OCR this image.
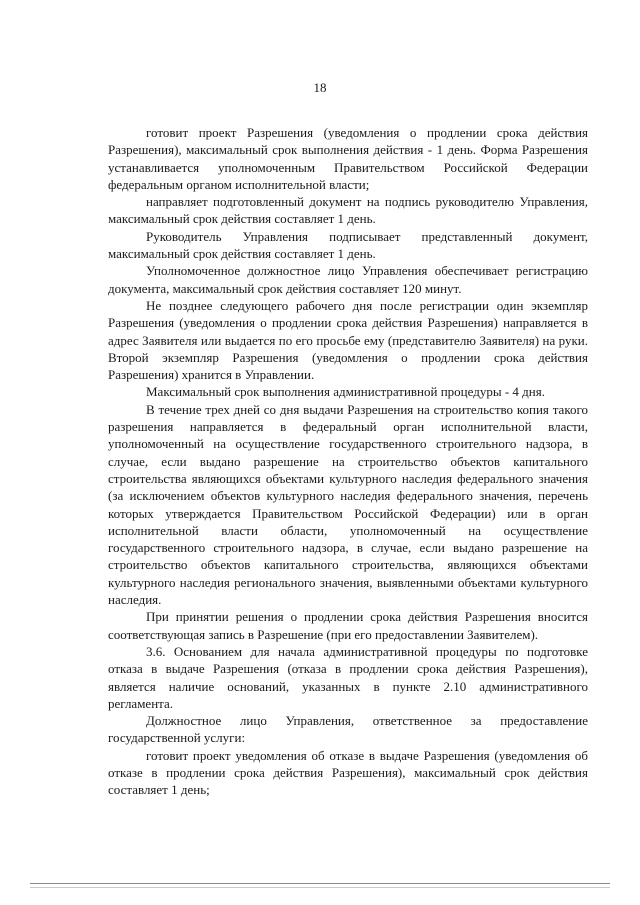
18

готовит проект Разрешения (уведомления о продлении срока действия Разрешения), максимальный срок выполнения действия - 1 день. Форма Разрешения устанавливается уполномоченным Правительством Российской Федерации федеральным органом исполнительной власти;

направляет подготовленный документ на подпись руководителю Управления, максимальный срок действия составляет 1 день.

Руководитель Управления подписывает представленный документ, максимальный срок действия составляет 1 день.

Уполномоченное должностное лицо Управления обеспечивает регистрацию документа, максимальный срок действия составляет 120 минут.

Не позднее следующего рабочего дня после регистрации один экземпляр Разрешения (уведомления о продлении срока действия Разрешения) направляется в адрес Заявителя или выдается по его просьбе ему (представителю Заявителя) на руки. Второй экземпляр Разрешения (уведомления о продлении срока действия Разрешения) хранится в Управлении.

Максимальный срок выполнения административной процедуры - 4 дня.

В течение трех дней со дня выдачи Разрешения на строительство копия такого разрешения направляется в федеральный орган исполнительной власти, уполномоченный на осуществление государственного строительного надзора, в случае, если выдано разрешение на строительство объектов капитального строительства являющихся объектами культурного наследия федерального значения (за исключением объектов культурного наследия федерального значения, перечень которых утверждается Правительством Российской Федерации) или в орган исполнительной власти области, уполномоченный на осуществление государственного строительного надзора, в случае, если выдано разрешение на строительство объектов капитального строительства, являющихся объектами культурного наследия регионального значения, выявленными объектами культурного наследия.

При принятии решения о продлении срока действия Разрешения вносится соответствующая запись в Разрешение (при его предоставлении Заявителем).

3.6. Основанием для начала административной процедуры по подготовке отказа в выдаче Разрешения (отказа в продлении срока действия Разрешения), является наличие оснований, указанных в пункте 2.10 административного регламента.

Должностное лицо Управления, ответственное за предоставление государственной услуги:

готовит проект уведомления об отказе в выдаче Разрешения (уведомления об отказе в продлении срока действия Разрешения), максимальный срок действия составляет 1 день;
